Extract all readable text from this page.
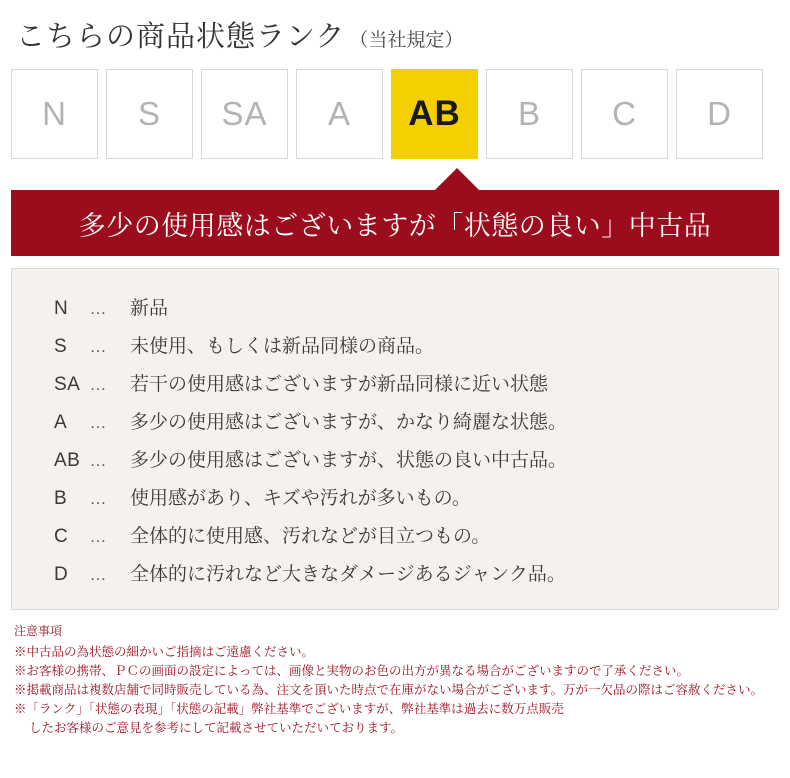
こちらの商品状態ランク （当社規定）
N	S	SA	A	AB	B	C	D
多少の使用感はございますが「状態の良い」中古品
N	…	新品
S	…	未使用、もしくは新品同様の商品。
SA …	若干の使用感はございますが新品同様に近い状態
A	…	多少の使用感はございますが、かなり綺麗な状態。
AB …	多少の使用感はございますが、状態の良い中古品。
B	…	使用感があり、キズや汚れが多いもの。
C	…	全体的に使用感、汚れなどが目立つもの。
D	…	全体的に汚れなど大きなダメージあるジャンク品。
注意事項
※中古品の為状態の細かいご指摘はご遠慮ください。
※お客様の携帯、ＰＣの画面の設定によっては、画像と実物のお色の出方が異なる場合がございますので了承ください。
※掲載商品は複数店舗で同時販売している為、注文を頂いた時点で在庫がない場合がございます。万が一欠品の際はご容赦ください。
※「ランク」「状態の表現」「状態の記載」弊社基準でございますが、弊社基準は過去に数万点販売
したお客様のご意見を参考にして記載させていただいております。
